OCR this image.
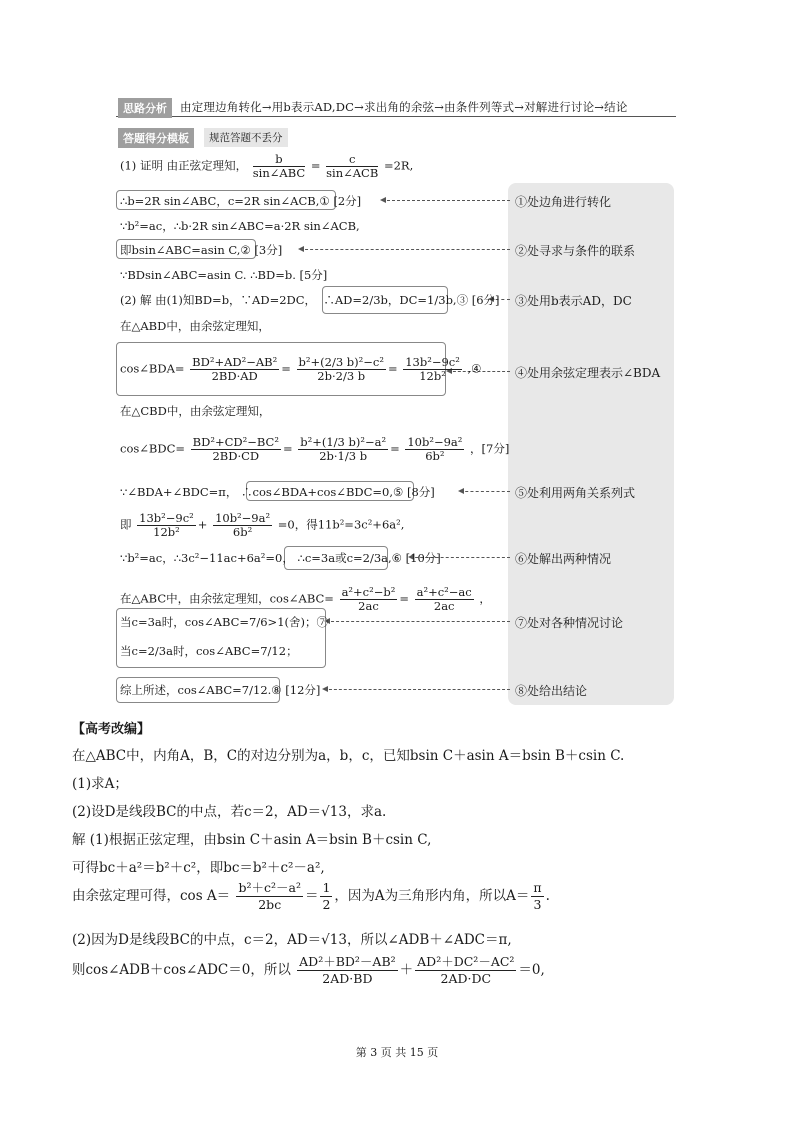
思路分析	由定理边角转化→用b表示AD,DC→求出角的余弦→由条件列等式→对解进行讨论→结论
答题得分模板	规范答题不丢分
①处边角进行转化
②处寻求与条件的联系
③处用b表示AD，DC
④处用余弦定理表示∠BDA
⑤处利用两角关系列式
⑥处解出两种情况
⑦处对各种情况讨论
⑧处给出结论
(1) 证明 由正弦定理知， $\frac{b}{\text{sin∠ABC}} = \frac{c}{\text{sin∠ACB}} =2R$,
∴b=2R sin∠ABC，c=2R sin∠ACB,① [2分]
∵b²=ac，∴b·2R sin∠ABC=a·2R sin∠ACB,
即bsin∠ABC=asin C,② [3分]
∵BDsin∠ABC=asin C. ∴BD=b. [5分]
(2) 解 由(1)知BD=b，∵AD=2DC， ∴AD=2/3b，DC=1/3b,③ [6分]
在△ABD中，由余弦定理知，
cos∠BDA= $\frac{\text{BD²+AD²−AB²}}{2BD\cdot AD} = \frac{\text{b²+(2/3 b)²−c²}}{2b\cdot 2/3 b} = \frac{\text{13b²−9c²}}{\text{12b²}}$ ,④
在△CBD中，由余弦定理知，
cos∠BDC= $\frac{\text{BD²+CD²−BC²}}{2BD\cdot CD} = \frac{\text{b²+(1/3 b)²−a²}}{2b\cdot 1/3 b} = \frac{\text{10b²−9a²}}{\text{6b²}}$ ，[7分]
∵∠BDA+∠BDC=π， ∴cos∠BDA+cos∠BDC=0,⑤ [8分]
即 $\frac{\text{13b²−9c²}}{\text{12b²}} + \frac{\text{10b²−9a²}}{\text{6b²}} =0$，得11b²=3c²+6a²,
∵b²=ac，∴3c²−11ac+6a²=0， ∴c=3a或c=2/3a,⑥ [10分]
在△ABC中，由余弦定理知，cos∠ABC= $\frac{\text{a²+c²−b²}}{2ac} = \frac{\text{a²+c²−ac}}{2ac}$ ，
当c=3a时，cos∠ABC=7/6>1(舍)；⑦
当c=2/3a时，cos∠ABC=7/12；
综上所述，cos∠ABC=7/12.⑧ [12分]
【高考改编】
在△ABC中，内角A，B，C的对边分别为a，b，c，已知bsin C＋asin A＝bsin B＋csin C.
(1)求A；
(2)设D是线段BC的中点，若c＝2，AD＝√13，求a.
解 (1)根据正弦定理，由bsin C＋asin A＝bsin B＋csin C,
可得bc＋a²＝b²＋c²，即bc＝b²＋c²－a²,
由余弦定理可得，$\cos A= \frac{\text{b²＋c²－a²}}{2bc} = \frac{1}{2}$ ，因为A为三角形内角，所以$A= \frac{\pi}{3}$ .
(2)因为D是线段BC的中点，c＝2，AD＝√13，所以∠ADB＋∠ADC＝π,
则cos∠ADB＋cos∠ADC＝0，所以 $\frac{\text{AD²＋BD²－AB²}}{2AD\cdot BD} + \frac{\text{AD²＋DC²－AC²}}{2AD\cdot DC} =0$,
第 3 页 共 15 页
